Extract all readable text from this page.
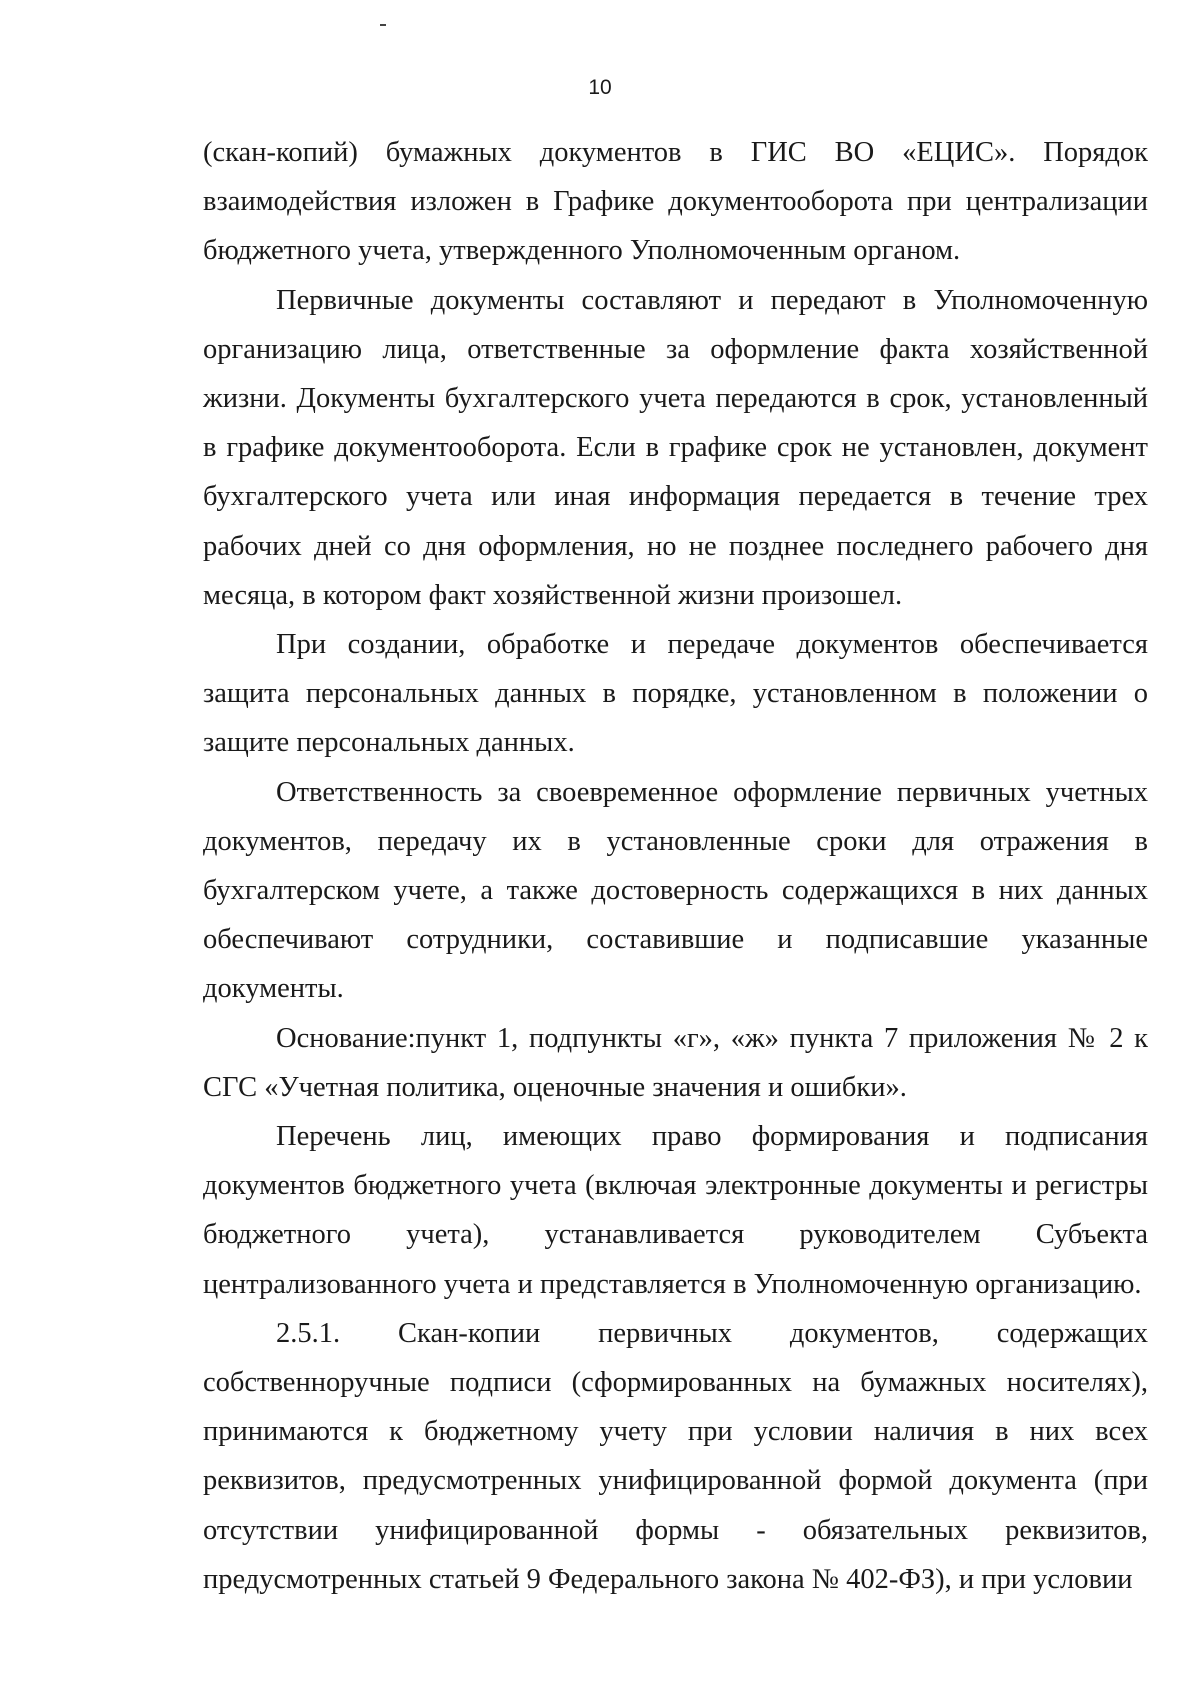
10

(скан-копий) бумажных документов в ГИС ВО «ЕЦИС». Порядок взаимодействия изложен в Графике документооборота при централизации бюджетного учета, утвержденного Уполномоченным органом.

Первичные документы составляют и передают в Уполномоченную организацию лица, ответственные за оформление факта хозяйственной жизни. Документы бухгалтерского учета передаются в срок, установленный в графике документооборота. Если в графике срок не установлен, документ бухгалтерского учета или иная информация передается в течение трех рабочих дней со дня оформления, но не позднее последнего рабочего дня месяца, в котором факт хозяйственной жизни произошел.

При создании, обработке и передаче документов обеспечивается защита персональных данных в порядке, установленном в положении о защите персональных данных.

Ответственность за своевременное оформление первичных учетных документов, передачу их в установленные сроки для отражения в бухгалтерском учете, а также достоверность содержащихся в них данных обеспечивают сотрудники, составившие и подписавшие указанные документы.

Основание:пункт 1, подпункты «г», «ж» пункта 7 приложения № 2 к СГС «Учетная политика, оценочные значения и ошибки».

Перечень лиц, имеющих право формирования и подписания документов бюджетного учета (включая электронные документы и регистры бюджетного учета), устанавливается руководителем Субъекта централизованного учета и представляется в Уполномоченную организацию.

2.5.1. Скан-копии первичных документов, содержащих собственноручные подписи (сформированных на бумажных носителях), принимаются к бюджетному учету при условии наличия в них всех реквизитов, предусмотренных унифицированной формой документа (при отсутствии унифицированной формы - обязательных реквизитов, предусмотренных статьей 9 Федерального закона № 402-ФЗ), и при условии
